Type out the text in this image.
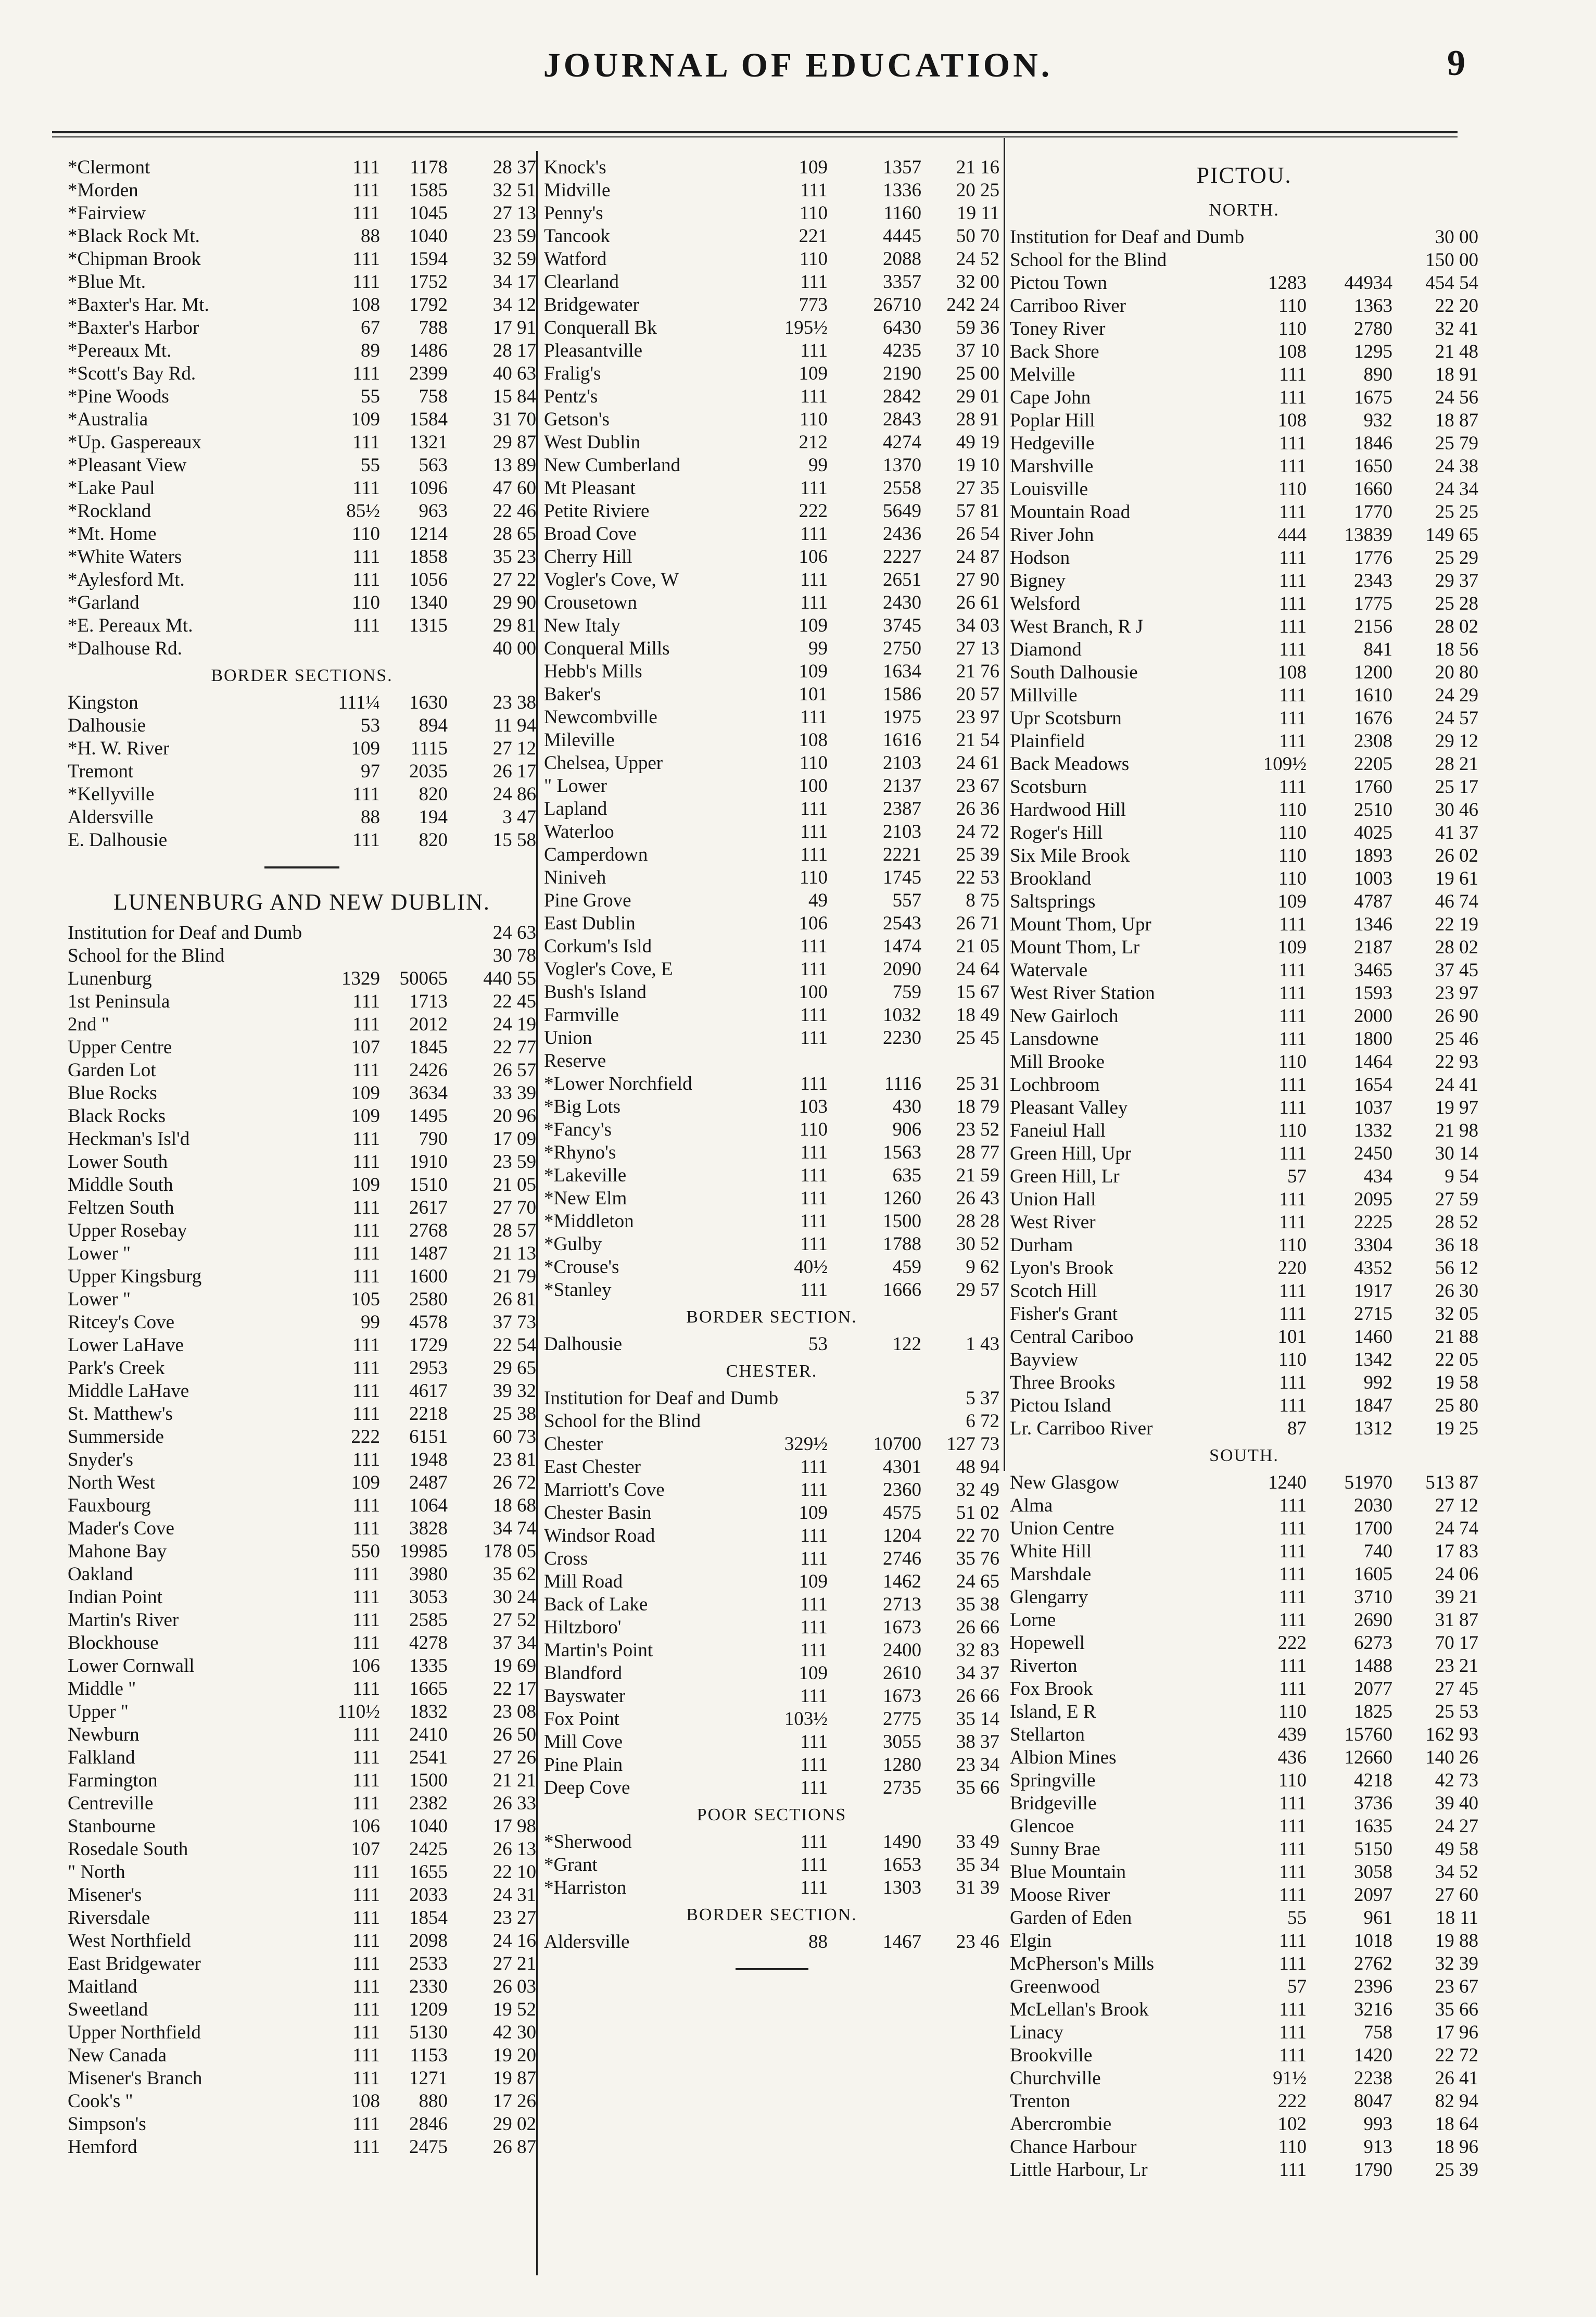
JOURNAL OF EDUCATION.	9
*Clermont	111	1178	28 37
*Morden	111	1585	32 51
*Fairview	111	1045	27 13
*Black Rock Mt.	88	1040	23 59
*Chipman Brook	111	1594	32 59
*Blue Mt.	111	1752	34 17
*Baxter's Har. Mt.	108	1792	34 12
*Baxter's Harbor	67	788	17 91
*Pereaux Mt.	89	1486	28 17
*Scott's Bay Rd.	111	2399	40 63
*Pine Woods	55	758	15 84
*Australia	109	1584	31 70
*Up. Gaspereaux	111	1321	29 87
*Pleasant View	55	563	13 89
*Lake Paul	111	1096	47 60
*Rockland	85½	963	22 46
*Mt. Home	110	1214	28 65
*White Waters	111	1858	35 23
*Aylesford Mt.	111	1056	27 22
*Garland	110	1340	29 90
*E. Pereaux Mt.	111	1315	29 81
*Dalhouse Rd.	40 00
BORDER SECTIONS.
Kingston	111¼	1630	23 38
Dalhousie	53	894	11 94
*H. W. River	109	1115	27 12
Tremont	97	2035	26 17
*Kellyville	111	820	24 86
Aldersville	88	194	3 47
E. Dalhousie	111	820	15 58
LUNENBURG AND NEW DUBLIN.
Institution for Deaf and Dumb	24 63
School for the Blind	30 78
Lunenburg	1329	50065	440 55
1st Peninsula	111	1713	22 45
2nd "	111	2012	24 19
Upper Centre	107	1845	22 77
Garden Lot	111	2426	26 57
Blue Rocks	109	3634	33 39
Black Rocks	109	1495	20 96
Heckman's Isl'd	111	790	17 09
Lower South	111	1910	23 59
Middle South	109	1510	21 05
Feltzen South	111	2617	27 70
Upper Rosebay	111	2768	28 57
Lower "	111	1487	21 13
Upper Kingsburg	111	1600	21 79
Lower "	105	2580	26 81
Ritcey's Cove	99	4578	37 73
Lower LaHave	111	1729	22 54
Park's Creek	111	2953	29 65
Middle LaHave	111	4617	39 32
St. Matthew's	111	2218	25 38
Summerside	222	6151	60 73
Snyder's	111	1948	23 81
North West	109	2487	26 72
Fauxbourg	111	1064	18 68
Mader's Cove	111	3828	34 74
Mahone Bay	550	19985	178 05
Oakland	111	3980	35 62
Indian Point	111	3053	30 24
Martin's River	111	2585	27 52
Blockhouse	111	4278	37 34
Lower Cornwall	106	1335	19 69
Middle "	111	1665	22 17
Upper "	110½	1832	23 08
Newburn	111	2410	26 50
Falkland	111	2541	27 26
Farmington	111	1500	21 21
Centreville	111	2382	26 33
Stanbourne	106	1040	17 98
Rosedale South	107	2425	26 13
" North	111	1655	22 10
Misener's	111	2033	24 31
Riversdale	111	1854	23 27
West Northfield	111	2098	24 16
East Bridgewater	111	2533	27 21
Maitland	111	2330	26 03
Sweetland	111	1209	19 52
Upper Northfield	111	5130	42 30
New Canada	111	1153	19 20
Misener's Branch	111	1271	19 87
Cook's "	108	880	17 26
Simpson's	111	2846	29 02
Hemford	111	2475	26 87
Knock's	109	1357	21 16
Midville	111	1336	20 25
Penny's	110	1160	19 11
Tancook	221	4445	50 70
Watford	110	2088	24 52
Clearland	111	3357	32 00
Bridgewater	773	26710	242 24
Conquerall Bk	195½	6430	59 36
Pleasantville	111	4235	37 10
Fralig's	109	2190	25 00
Pentz's	111	2842	29 01
Getson's	110	2843	28 91
West Dublin	212	4274	49 19
New Cumberland	99	1370	19 10
Mt Pleasant	111	2558	27 35
Petite Riviere	222	5649	57 81
Broad Cove	111	2436	26 54
Cherry Hill	106	2227	24 87
Vogler's Cove, W	111	2651	27 90
Crousetown	111	2430	26 61
New Italy	109	3745	34 03
Conqueral Mills	99	2750	27 13
Hebb's Mills	109	1634	21 76
Baker's	101	1586	20 57
Newcombville	111	1975	23 97
Mileville	108	1616	21 54
Chelsea, Upper	110	2103	24 61
" Lower	100	2137	23 67
Lapland	111	2387	26 36
Waterloo	111	2103	24 72
Camperdown	111	2221	25 39
Niniveh	110	1745	22 53
Pine Grove	49	557	8 75
East Dublin	106	2543	26 71
Corkum's Isld	111	1474	21 05
Vogler's Cove, E	111	2090	24 64
Bush's Island	100	759	15 67
Farmville	111	1032	18 49
Union	111	2230	25 45
Reserve
*Lower Norchfield	111	1116	25 31
*Big Lots	103	430	18 79
*Fancy's	110	906	23 52
*Rhyno's	111	1563	28 77
*Lakeville	111	635	21 59
*New Elm	111	1260	26 43
*Middleton	111	1500	28 28
*Gulby	111	1788	30 52
*Crouse's	40½	459	9 62
*Stanley	111	1666	29 57
BORDER SECTION.
Dalhousie	53	122	1 43
CHESTER.
Institution for Deaf and Dumb	5 37
School for the Blind	6 72
Chester	329½	10700	127 73
East Chester	111	4301	48 94
Marriott's Cove	111	2360	32 49
Chester Basin	109	4575	51 02
Windsor Road	111	1204	22 70
Cross	111	2746	35 76
Mill Road	109	1462	24 65
Back of Lake	111	2713	35 38
Hiltzboro'	111	1673	26 66
Martin's Point	111	2400	32 83
Blandford	109	2610	34 37
Bayswater	111	1673	26 66
Fox Point	103½	2775	35 14
Mill Cove	111	3055	38 37
Pine Plain	111	1280	23 34
Deep Cove	111	2735	35 66
POOR SECTIONS
*Sherwood	111	1490	33 49
*Grant	111	1653	35 34
*Harriston	111	1303	31 39
BORDER SECTION.
Aldersville	88	1467	23 46
PICTOU.
NORTH.
Institution for Deaf and Dumb	30 00
School for the Blind	150 00
Pictou Town	1283	44934	454 54
Carriboo River	110	1363	22 20
Toney River	110	2780	32 41
Back Shore	108	1295	21 48
Melville	111	890	18 91
Cape John	111	1675	24 56
Poplar Hill	108	932	18 87
Hedgeville	111	1846	25 79
Marshville	111	1650	24 38
Louisville	110	1660	24 34
Mountain Road	111	1770	25 25
River John	444	13839	149 65
Hodson	111	1776	25 29
Bigney	111	2343	29 37
Welsford	111	1775	25 28
West Branch, R J	111	2156	28 02
Diamond	111	841	18 56
South Dalhousie	108	1200	20 80
Millville	111	1610	24 29
Upr Scotsburn	111	1676	24 57
Plainfield	111	2308	29 12
Back Meadows	109½	2205	28 21
Scotsburn	111	1760	25 17
Hardwood Hill	110	2510	30 46
Roger's Hill	110	4025	41 37
Six Mile Brook	110	1893	26 02
Brookland	110	1003	19 61
Saltsprings	109	4787	46 74
Mount Thom, Upr	111	1346	22 19
Mount Thom, Lr	109	2187	28 02
Watervale	111	3465	37 45
West River Station	111	1593	23 97
New Gairloch	111	2000	26 90
Lansdowne	111	1800	25 46
Mill Brooke	110	1464	22 93
Lochbroom	111	1654	24 41
Pleasant Valley	111	1037	19 97
Faneiul Hall	110	1332	21 98
Green Hill, Upr	111	2450	30 14
Green Hill, Lr	57	434	9 54
Union Hall	111	2095	27 59
West River	111	2225	28 52
Durham	110	3304	36 18
Lyon's Brook	220	4352	56 12
Scotch Hill	111	1917	26 30
Fisher's Grant	111	2715	32 05
Central Cariboo	101	1460	21 88
Bayview	110	1342	22 05
Three Brooks	111	992	19 58
Pictou Island	111	1847	25 80
Lr. Carriboo River	87	1312	19 25
SOUTH.
New Glasgow	1240	51970	513 87
Alma	111	2030	27 12
Union Centre	111	1700	24 74
White Hill	111	740	17 83
Marshdale	111	1605	24 06
Glengarry	111	3710	39 21
Lorne	111	2690	31 87
Hopewell	222	6273	70 17
Riverton	111	1488	23 21
Fox Brook	111	2077	27 45
Island, E R	110	1825	25 53
Stellarton	439	15760	162 93
Albion Mines	436	12660	140 26
Springville	110	4218	42 73
Bridgeville	111	3736	39 40
Glencoe	111	1635	24 27
Sunny Brae	111	5150	49 58
Blue Mountain	111	3058	34 52
Moose River	111	2097	27 60
Garden of Eden	55	961	18 11
Elgin	111	1018	19 88
McPherson's Mills	111	2762	32 39
Greenwood	57	2396	23 67
McLellan's Brook	111	3216	35 66
Linacy	111	758	17 96
Brookville	111	1420	22 72
Churchville	91½	2238	26 41
Trenton	222	8047	82 94
Abercrombie	102	993	18 64
Chance Harbour	110	913	18 96
Little Harbour, Lr	111	1790	25 39
